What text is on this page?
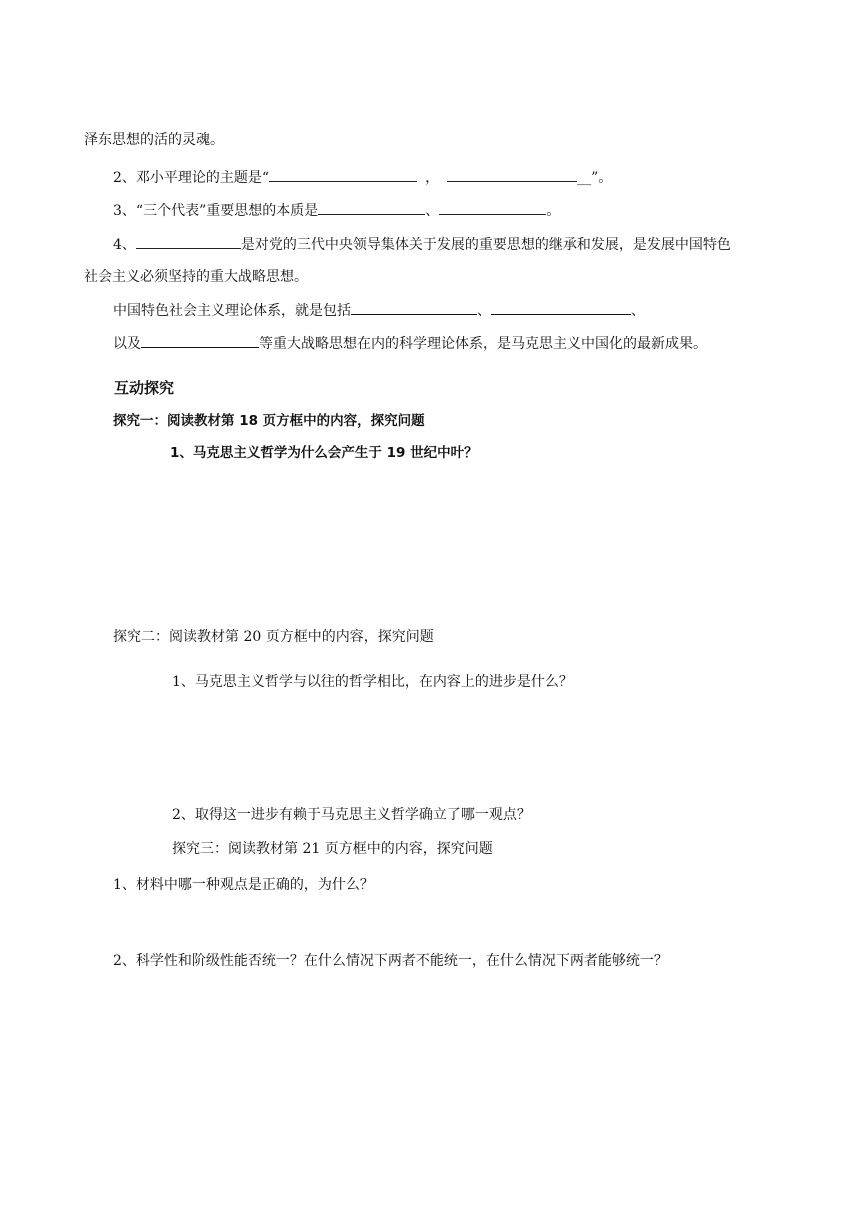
泽东思想的活的灵魂。
2、邓小平理论的主题是“	，	__”。
3、“三个代表”重要思想的本质是	、	。
4、	是对党的三代中央领导集体关于发展的重要思想的继承和发展，是发展中国特色
社会主义必须坚持的重大战略思想。
中国特色社会主义理论体系，就是包括	、	、
以及	等重大战略思想在内的科学理论体系，是马克思主义中国化的最新成果。
互动探究
探究一：阅读教材第 18 页方框中的内容，探究问题
1、马克思主义哲学为什么会产生于 19 世纪中叶？
探究二：阅读教材第 20 页方框中的内容，探究问题
1、马克思主义哲学与以往的哲学相比，在内容上的进步是什么？
2、取得这一进步有赖于马克思主义哲学确立了哪一观点？
探究三：阅读教材第 21 页方框中的内容，探究问题
1、材料中哪一种观点是正确的，为什么？
2、科学性和阶级性能否统一？在什么情况下两者不能统一，在什么情况下两者能够统一？
